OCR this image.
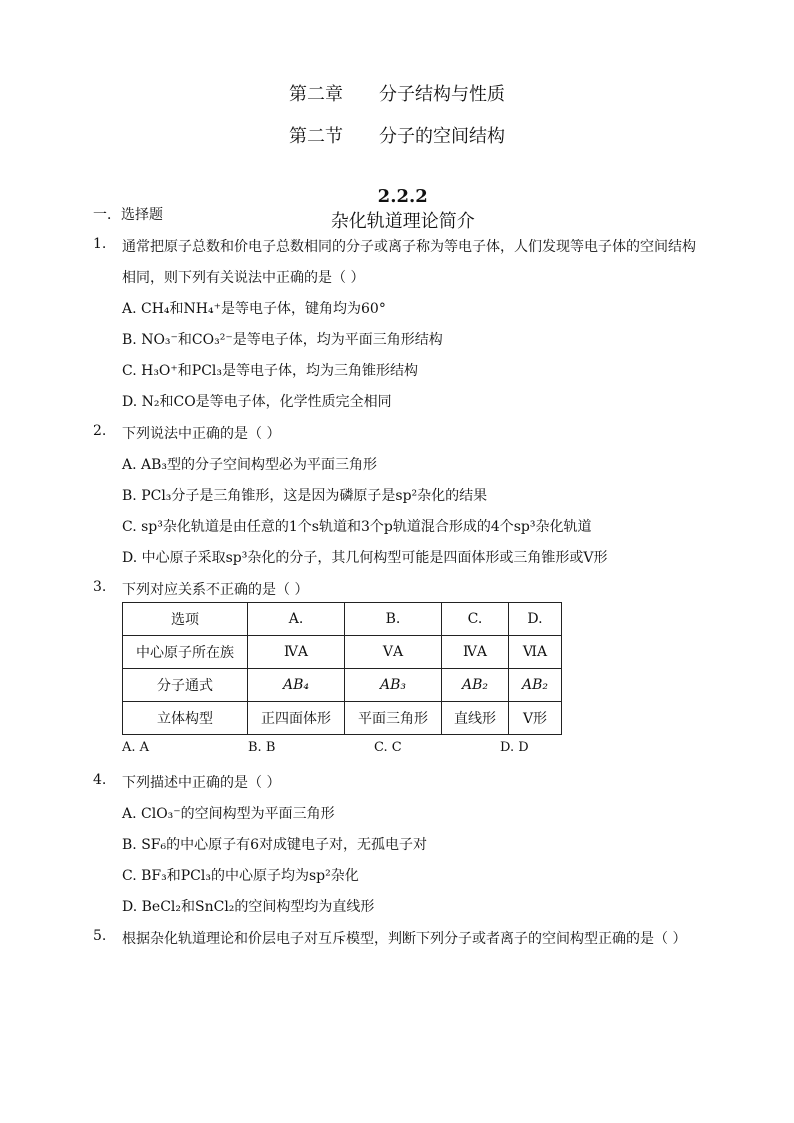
第二章　　分子结构与性质
第二节　　分子的空间结构

2.2.2
杂化轨道理论简介

一．选择题
1. 通常把原子总数和价电子总数相同的分子或离子称为等电子体，人们发现等电子体的空间结构
相同，则下列有关说法中正确的是（ ）
A. CH₄和NH₄⁺是等电子体，键角均为60°
B. NO₃⁻和CO₃²⁻是等电子体，均为平面三角形结构
C. H₃O⁺和PCl₃是等电子体，均为三角锥形结构
D. N₂和CO是等电子体，化学性质完全相同
2. 下列说法中正确的是（ ）
A. AB₃型的分子空间构型必为平面三角形
B. PCl₃分子是三角锥形，这是因为磷原子是sp²杂化的结果
C. sp³杂化轨道是由任意的1个s轨道和3个p轨道混合形成的4个sp³杂化轨道
D. 中心原子采取sp³杂化的分子，其几何构型可能是四面体形或三角锥形或V形
3. 下列对应关系不正确的是（ ）
选项	A.	B.	C.	D.
中心原子所在族	ⅣA	ⅤA	ⅣA	ⅥA
分子通式	AB₄	AB₃	AB₂	AB₂
立体构型	正四面体形	平面三角形	直线形	V形
A. A	B. B	C. C	D. D
4. 下列描述中正确的是（ ）
A. ClO₃⁻的空间构型为平面三角形
B. SF₆的中心原子有6对成键电子对，无孤电子对
C. BF₃和PCl₃的中心原子均为sp²杂化
D. BeCl₂和SnCl₂的空间构型均为直线形
5. 根据杂化轨道理论和价层电子对互斥模型，判断下列分子或者离子的空间构型正确的是（ ）
